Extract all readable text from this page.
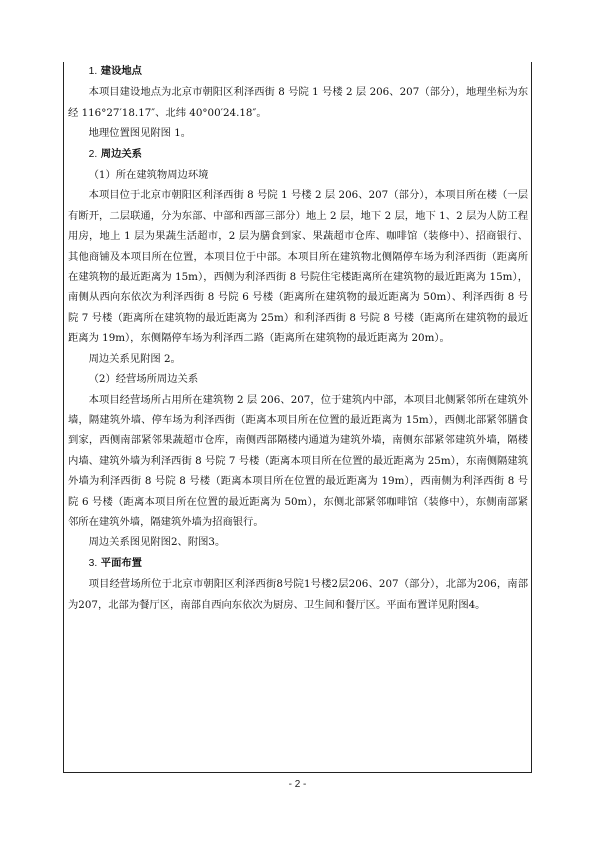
1. 建设地点

本项目建设地点为北京市朝阳区利泽西街 8 号院 1 号楼 2 层 206、207（部分），地理坐标为东经 116°27′18.17″、北纬 40°00′24.18″。

地理位置图见附图 1。

2. 周边关系

（1）所在建筑物周边环境

本项目位于北京市朝阳区利泽西街 8 号院 1 号楼 2 层 206、207（部分），本项目所在楼（一层有断开，二层联通，分为东部、中部和西部三部分）地上 2 层，地下 2 层，地下 1、2 层为人防工程用房，地上 1 层为果蔬生活超市，2 层为膳食到家、果蔬超市仓库、咖啡馆（装修中）、招商银行、其他商铺及本项目所在位置，本项目位于中部。本项目所在建筑物北侧隔停车场为利泽西街（距离所在建筑物的最近距离为 15m），西侧为利泽西街 8 号院住宅楼距离所在建筑物的最近距离为 15m），南侧从西向东依次为利泽西街 8 号院 6 号楼（距离所在建筑物的最近距离为 50m）、利泽西街 8 号院 7 号楼（距离所在建筑物的最近距离为 25m）和利泽西街 8 号院 8 号楼（距离所在建筑物的最近距离为 19m），东侧隔停车场为利泽西二路（距离所在建筑物的最近距离为 20m）。

周边关系见附图 2。

（2）经营场所周边关系

本项目经营场所占用所在建筑物 2 层 206、207，位于建筑内中部，本项目北侧紧邻所在建筑外墙，隔建筑外墙、停车场为利泽西街（距离本项目所在位置的最近距离为 15m），西侧北部紧邻膳食到家，西侧南部紧邻果蔬超市仓库，南侧西部隔楼内通道为建筑外墙，南侧东部紧邻建筑外墙，隔楼内墙、建筑外墙为利泽西街 8 号院 7 号楼（距离本项目所在位置的最近距离为 25m），东南侧隔建筑外墙为利泽西街 8 号院 8 号楼（距离本项目所在位置的最近距离为 19m），西南侧为利泽西街 8 号院 6 号楼（距离本项目所在位置的最近距离为 50m），东侧北部紧邻咖啡馆（装修中），东侧南部紧邻所在建筑外墙，隔建筑外墙为招商银行。

周边关系图见附图2、附图3。

3. 平面布置

项目经营场所位于北京市朝阳区利泽西街8号院1号楼2层206、207（部分），北部为206，南部为207，北部为餐厅区，南部自西向东依次为厨房、卫生间和餐厅区。平面布置详见附图4。

- 2 -
